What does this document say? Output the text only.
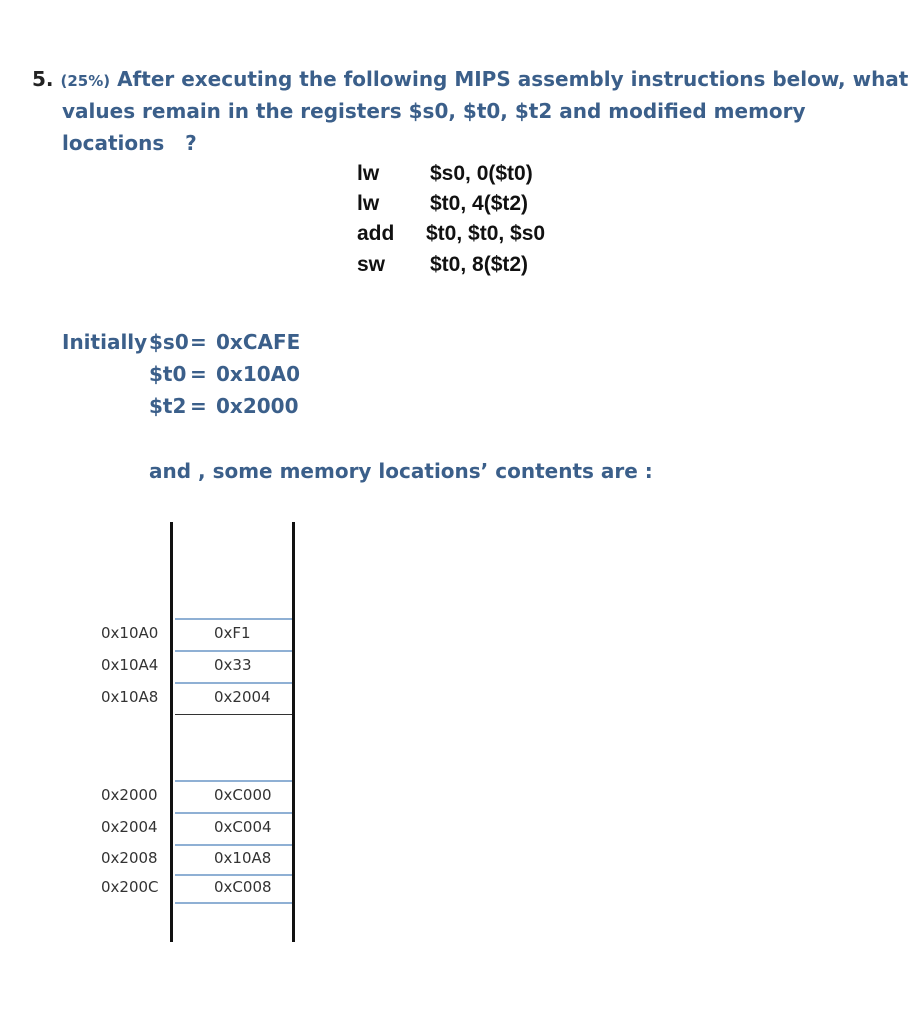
5. (25%) After executing the following MIPS assembly instructions below, what
values remain in the registers $s0, $t0, $t2 and modified memory
locations   ?
lw $s0, 0($t0)
lw $t0, 4($t2)
add $t0, $t0, $s0
sw $t0, 8($t2)
Initially $s0 = 0xCAFE
$t0 = 0x10A0
$t2 = 0x2000
and , some memory locations’ contents are :
0x10A0	0xF1
0x10A4	0x33
0x10A8	0x2004
0x2000	0xC000
0x2004	0xC004
0x2008	0x10A8
0x200C	0xC008
